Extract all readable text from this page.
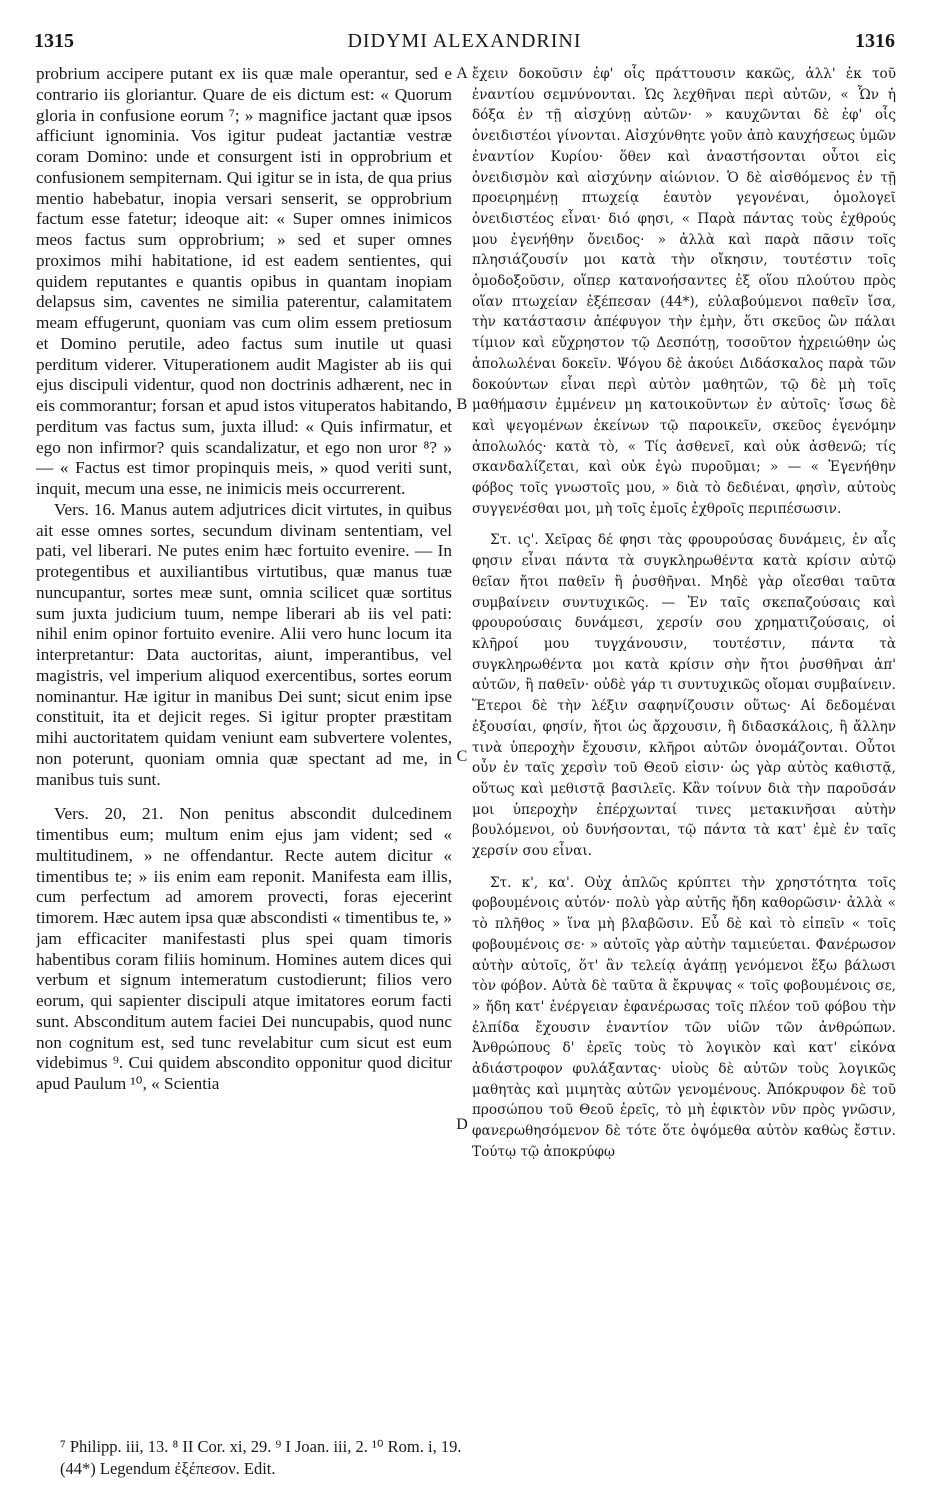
1315	DIDYMI ALEXANDRINI	1316

probrium accipere putant ex iis quæ male operantur, sed e contrario iis gloriantur. Quare de eis dictum est: « Quorum gloria in confusione eorum ⁷; » magnifice jactant quæ ipsos afficiunt ignominia. Vos igitur pudeat jactantiæ vestræ coram Domino: unde et consurgent isti in opprobrium et confusionem sempiternam. Qui igitur se in ista, de qua prius mentio habebatur, inopia versari senserit, se opprobrium factum esse fatetur; ideoque ait: « Super omnes inimicos meos factus sum opprobrium; » sed et super omnes proximos mihi habitatione, id est eadem sentientes, qui quidem reputantes e quantis opibus in quantam inopiam delapsus sim, caventes ne similia paterentur, calamitatem meam effugerunt, quoniam vas cum olim essem pretiosum et Domino perutile, adeo factus sum inutile ut quasi perditum viderer. Vituperationem audit Magister ab iis qui ejus discipuli videntur, quod non doctrinis adhærent, nec in eis commorantur; forsan et apud istos vituperatos habitando, perditum vas factus sum, juxta illud: « Quis infirmatur, et ego non infirmor? quis scandalizatur, et ego non uror ⁸? » — « Factus est timor propinquis meis, » quod veriti sunt, inquit, mecum una esse, ne inimicis meis occurrerent.

Vers. 16. Manus autem adjutrices dicit virtutes, in quibus ait esse omnes sortes, secundum divinam sententiam, vel pati, vel liberari. Ne putes enim hæc fortuito evenire. — In protegentibus et auxiliantibus virtutibus, quæ manus tuæ nuncupantur, sortes meæ sunt, omnia scilicet quæ sortitus sum juxta judicium tuum, nempe liberari ab iis vel pati: nihil enim opinor fortuito evenire. Alii vero hunc locum ita interpretantur: Data auctoritas, aiunt, imperantibus, vel magistris, vel imperium aliquod exercentibus, sortes eorum nominantur. Hæ igitur in manibus Dei sunt; sicut enim ipse constituit, ita et dejicit reges. Si igitur propter præstitam mihi auctoritatem quidam veniunt eam subvertere volentes, non poterunt, quoniam omnia quæ spectant ad me, in manibus tuis sunt.

Vers. 20, 21. Non penitus abscondit dulcedinem timentibus eum; multum enim ejus jam vident; sed « multitudinem, » ne offendantur. Recte autem dicitur « timentibus te; » iis enim eam reponit. Manifesta eam illis, cum perfectum ad amorem provecti, foras ejecerint timorem. Hæc autem ipsa quæ abscondisti « timentibus te, » jam efficaciter manifestasti plus spei quam timoris habentibus coram filiis hominum. Homines autem dices qui verbum et signum intemeratum custodierunt; filios vero eorum, qui sapienter discipuli atque imitatores eorum facti sunt. Absconditum autem faciei Dei nuncupabis, quod nunc non cognitum est, sed tunc revelabitur cum sicut est eum videbimus ⁹. Cui quidem abscondito opponitur quod dicitur apud Paulum ¹⁰, « Scientia

A
B
C
D

ἔχειν δοκοῦσιν ἐφ' οἷς πράττουσιν κακῶς, ἀλλ' ἐκ τοῦ ἐναντίου σεμνύνονται. Ὡς λεχθῆναι περὶ αὐτῶν, « Ὧν ἡ δόξα ἐν τῇ αἰσχύνῃ αὐτῶν· » καυχῶνται δὲ ἐφ' οἷς ὀνειδιστέοι γίνονται. Αἰσχύνθητε γοῦν ἀπὸ καυχήσεως ὑμῶν ἐναντίον Κυρίου· ὅθεν καὶ ἀναστήσονται οὗτοι εἰς ὀνειδισμὸν καὶ αἰσχύνην αἰώνιον. Ὁ δὲ αἰσθόμενος ἐν τῇ προειρημένῃ πτωχείᾳ ἑαυτὸν γεγονέναι, ὁμολογεῖ ὀνειδιστέος εἶναι· διό φησι, « Παρὰ πάντας τοὺς ἐχθρούς μου ἐγενήθην ὄνειδος· » ἀλλὰ καὶ παρὰ πᾶσιν τοῖς πλησιάζουσίν μοι κατὰ τὴν οἴκησιν, τουτέστιν τοῖς ὁμοδοξοῦσιν, οἵπερ κατανοήσαντες ἐξ οἵου πλούτου πρὸς οἵαν πτωχείαν ἐξέπεσαν (44*), εὐλαβούμενοι παθεῖν ἴσα, τὴν κατάστασιν ἀπέφυγον τὴν ἐμὴν, ὅτι σκεῦος ὢν πάλαι τίμιον καὶ εὔχρηστον τῷ Δεσπότῃ, τοσοῦτον ἠχρειώθην ὡς ἀπολωλέναι δοκεῖν. Ψόγου δὲ ἀκούει Διδάσκαλος παρὰ τῶν δοκούντων εἶναι περὶ αὐτὸν μαθητῶν, τῷ δὲ μὴ τοῖς μαθήμασιν ἐμμένειν μη κατοικοῦντων ἐν αὐτοῖς· ἴσως δὲ καὶ ψεγομένων ἐκείνων τῷ παροικεῖν, σκεῦος ἐγενόμην ἀπολωλός· κατὰ τὸ, « Τίς ἀσθενεῖ, καὶ οὐκ ἀσθενῶ; τίς σκανδαλίζεται, καὶ οὐκ ἐγὼ πυροῦμαι; » — « Ἐγενήθην φόβος τοῖς γνωστοῖς μου, » διὰ τὸ δεδιέναι, φησὶν, αὐτοὺς συγγενέσθαι μοι, μὴ τοῖς ἐμοῖς ἐχθροῖς περιπέσωσιν.

Στ. ις'. Χεῖρας δέ φησι τὰς φρουρούσας δυνάμεις, ἐν αἷς φησιν εἶναι πάντα τὰ συγκληρωθέντα κατὰ κρίσιν αὐτῷ θεῖαν ἤτοι παθεῖν ἢ ῥυσθῆναι. Μηδὲ γὰρ οἴεσθαι ταῦτα συμβαίνειν συντυχικῶς. — Ἐν ταῖς σκεπαζούσαις καὶ φρουρούσαις δυνάμεσι, χερσίν σου χρηματιζούσαις, οἱ κλῆροί μου τυγχάνουσιν, τουτέστιν, πάντα τὰ συγκληρωθέντα μοι κατὰ κρίσιν σὴν ἤτοι ῥυσθῆναι ἀπ' αὐτῶν, ἢ παθεῖν· οὐδὲ γάρ τι συντυχικῶς οἴομαι συμβαίνειν. Ἕτεροι δὲ τὴν λέξιν σαφηνίζουσιν οὕτως· Αἱ δεδομέναι ἐξουσίαι, φησίν, ἤτοι ὡς ἄρχουσιν, ἢ διδασκάλοις, ἢ ἄλλην τινὰ ὑπεροχὴν ἔχουσιν, κλῆροι αὐτῶν ὀνομάζονται. Οὗτοι οὖν ἐν ταῖς χερσὶν τοῦ Θεοῦ εἰσιν· ὡς γὰρ αὐτὸς καθιστᾷ, οὕτως καὶ μεθιστᾷ βασιλεῖς. Κἂν τοίνυν διὰ τὴν παροῦσάν μοι ὑπεροχὴν ἐπέρχωνταί τινες μετακινῆσαι αὐτὴν βουλόμενοι, οὐ δυνήσονται, τῷ πάντα τὰ κατ' ἐμὲ ἐν ταῖς χερσίν σου εἶναι.

Στ. κ', κα'. Οὐχ ἁπλῶς κρύπτει τὴν χρηστότητα τοῖς φοβουμένοις αὐτόν· πολὺ γὰρ αὐτῆς ἤδη καθορῶσιν· ἀλλὰ « τὸ πλῆθος » ἵνα μὴ βλαβῶσιν. Εὖ δὲ καὶ τὸ εἰπεῖν « τοῖς φοβουμένοις σε· » αὐτοῖς γὰρ αὐτὴν ταμιεύεται. Φανέρωσον αὐτὴν αὐτοῖς, ὅτ' ἂν τελείᾳ ἀγάπῃ γενόμενοι ἔξω βάλωσι τὸν φόβον. Αὐτὰ δὲ ταῦτα ἃ ἔκρυψας « τοῖς φοβουμένοις σε, » ἤδη κατ' ἐνέργειαν ἐφανέρωσας τοῖς πλέον τοῦ φόβου τὴν ἐλπίδα ἔχουσιν ἐναντίον τῶν υἱῶν τῶν ἀνθρώπων. Ἀνθρώπους δ' ἐρεῖς τοὺς τὸ λογικὸν καὶ κατ' εἰκόνα ἀδιάστροφον φυλάξαντας· υἱοὺς δὲ αὐτῶν τοὺς λογικῶς μαθητὰς καὶ μιμητὰς αὐτῶν γενομένους. Ἀπόκρυφον δὲ τοῦ προσώπου τοῦ Θεοῦ ἐρεῖς, τὸ μὴ ἐφικτὸν νῦν πρὸς γνῶσιν, φανερωθησόμενον δὲ τότε ὅτε ὀψόμεθα αὐτὸν καθὼς ἔστιν. Τούτῳ τῷ ἀποκρύφῳ

⁷ Philipp. iii, 13. ⁸ II Cor. xi, 29. ⁹ I Joan. iii, 2. ¹⁰ Rom. i, 19.
(44*) Legendum ἐξέπεσον. Edit.
